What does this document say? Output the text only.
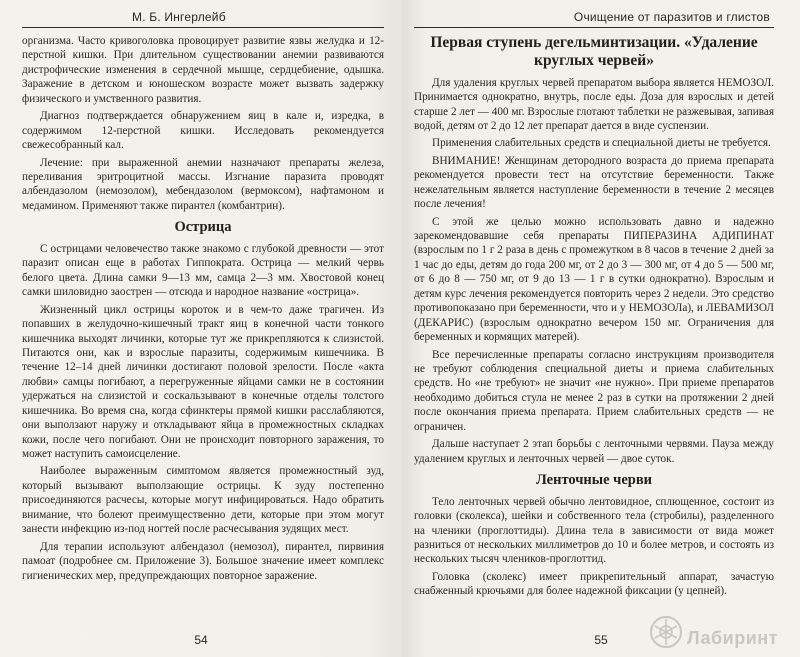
М. Б. Ингерлейб

организма. Часто кривоголовка провоцирует развитие язвы желудка и 12-перстной кишки. При длительном существовании анемии развиваются дистрофические изменения в сердечной мышце, сердцебиение, одышка. Заражение в детском и юношеском возрасте может вызвать задержку физического и умственного развития.

Диагноз подтверждается обнаружением яиц в кале и, изредка, в содержимом 12-перстной кишки. Исследовать рекомендуется свежесобранный кал.

Лечение: при выраженной анемии назначают препараты железа, переливания эритроцитной массы. Изгнание паразита проводят албендазолом (немозолом), мебендазолом (вермоксом), нафтамоном и медамином. Применяют также пирантел (комбантрин).

Острица

С острицами человечество также знакомо с глубокой древности — этот паразит описан еще в работах Гиппократа. Острица — мелкий червь белого цвета. Длина самки 9—13 мм, самца 2—3 мм. Хвостовой конец самки шиловидно заострен — отсюда и народное название «острица».

Жизненный цикл острицы короток и в чем-то даже трагичен. Из попавших в желудочно-кишечный тракт яиц в конечной части тонкого кишечника выходят личинки, которые тут же прикрепляются к слизистой. Питаются они, как и взрослые паразиты, содержимым кишечника. В течение 12–14 дней личинки достигают половой зрелости. После «акта любви» самцы погибают, а перегруженные яйцами самки не в состоянии удержаться на слизистой и соскальзывают в конечные отделы толстого кишечника. Во время сна, когда сфинктеры прямой кишки расслабляются, они выползают наружу и откладывают яйца в промежностных складках кожи, после чего погибают. Они не происходит повторного заражения, то может наступить самоисцеление.

Наиболее выраженным симптомом является промежностный зуд, который вызывают выползающие острицы. К зуду постепенно присоединяются расчесы, которые могут инфицироваться. Надо обратить внимание, что болеют преимущественно дети, которые при этом могут занести инфекцию из-под ногтей после расчесывания зудящих мест.

Для терапии используют албендазол (немозол), пирантел, пирвиния памоат (подробнее см. Приложение 3). Большое значение имеет комплекс гигиенических мер, предупреждающих повторное заражение.

54
Очищение от паразитов и глистов
Первая ступень дегельминтизации. «Удаление круглых червей»

Для удаления круглых червей препаратом выбора является НЕМОЗОЛ. Принимается однократно, внутрь, после еды. Доза для взрослых и детей старше 2 лет — 400 мг. Взрослые глотают таблетки не разжевывая, запивая водой, детям от 2 до 12 лет препарат дается в виде суспензии.

Применения слабительных средств и специальной диеты не требуется.

ВНИМАНИЕ! Женщинам детородного возраста до приема препарата рекомендуется провести тест на отсутствие беременности. Также нежелательным является наступление беременности в течение 2 месяцев после лечения!

С этой же целью можно использовать давно и надежно зарекомендовавшие себя препараты ПИПЕРАЗИНА АДИПИНАТ (взрослым по 1 г 2 раза в день с промежутком в 8 часов в течение 2 дней за 1 час до еды, детям до года 200 мг, от 2 до 3 — 300 мг, от 4 до 5 — 500 мг, от 6 до 8 — 750 мг, от 9 до 13 — 1 г в сутки однократно). Взрослым и детям курс лечения рекомендуется повторить через 2 недели. Это средство противопоказано при беременности, что и у НЕМОЗОЛа), и ЛЕВАМИЗОЛ (ДЕКАРИС) (взрослым однократно вечером 150 мг. Ограничения для беременных и кормящих матерей).

Все перечисленные препараты согласно инструкциям производителя не требуют соблюдения специальной диеты и приема слабительных средств. Но «не требуют» не значит «не нужно». При приеме препаратов необходимо добиться стула не менее 2 раз в сутки на протяжении 2 дней после окончания приема препарата. Прием слабительных средств — не ограничен.

Дальше наступает 2 этап борьбы с ленточными червями. Пауза между удалением круглых и ленточных червей — двое суток.

Ленточные черви

Тело ленточных червей обычно лентовидное, сплющенное, состоит из головки (сколекса), шейки и собственного тела (стробилы), разделенного на членики (проглоттиды). Длина тела в зависимости от вида может разниться от нескольких миллиметров до 10 и более метров, и состоять из нескольких тысяч члеников-проглоттид.

Головка (сколекс) имеет прикрепительный аппарат, зачастую снабженный крючьями для более надежной фиксации (у цепней).

55	Лабиринт
